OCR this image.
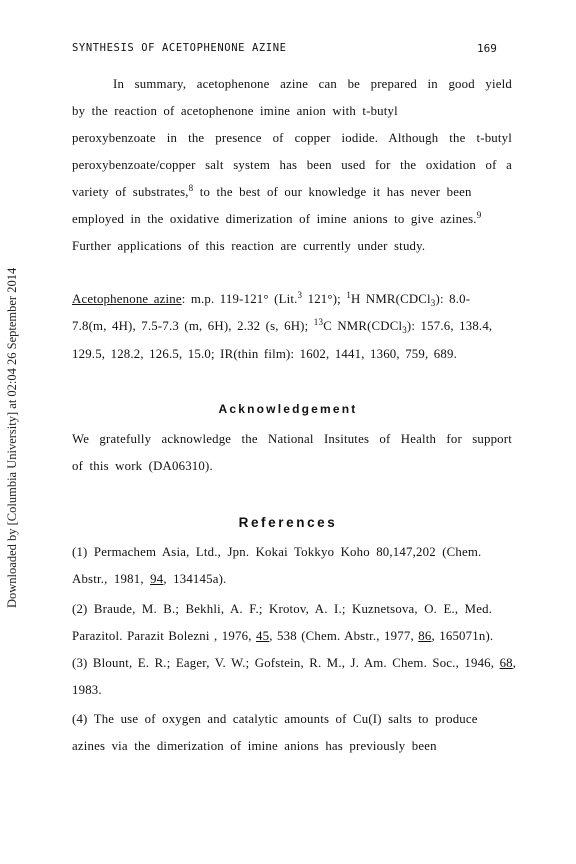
SYNTHESIS OF ACETOPHENONE AZINE	169
Downloaded by [Columbia University] at 02:04 26 September 2014
In summary, acetophenone azine can be prepared in good yield
by the reaction of acetophenone imine anion with t-butyl
peroxybenzoate in the presence of copper iodide. Although the t-butyl
peroxybenzoate/copper salt system has been used for the oxidation of a
variety of substrates,$^8$ to the best of our knowledge it has never been
employed in the oxidative dimerization of imine anions to give azines.$^9$
Further applications of this reaction are currently under study.
Acetophenone azine: m.p. 119-121° (Lit.$^3$ 121°); $^1$H NMR(CDCl$_3$): 8.0-
7.8(m, 4H), 7.5-7.3 (m, 6H), 2.32 (s, 6H); $^{13}$C NMR(CDCl$_3$): 157.6, 138.4,
129.5, 128.2, 126.5, 15.0; IR(thin film): 1602, 1441, 1360, 759, 689.
Acknowledgement
We gratefully acknowledge the National Insitutes of Health for support
of this work (DA06310).
References
(1) Permachem Asia, Ltd., Jpn. Kokai Tokkyo Koho 80,147,202 (Chem.
Abstr., 1981, 94, 134145a).
(2) Braude, M. B.; Bekhli, A. F.; Krotov, A. I.; Kuznetsova, O. E., Med.
Parazitol. Parazit Bolezni , 1976, 45, 538 (Chem. Abstr., 1977, 86, 165071n).
(3) Blount, E. R.; Eager, V. W.; Gofstein, R. M., J. Am. Chem. Soc., 1946, 68,
1983.
(4) The use of oxygen and catalytic amounts of Cu(I) salts to produce
azines via the dimerization of imine anions has previously been
